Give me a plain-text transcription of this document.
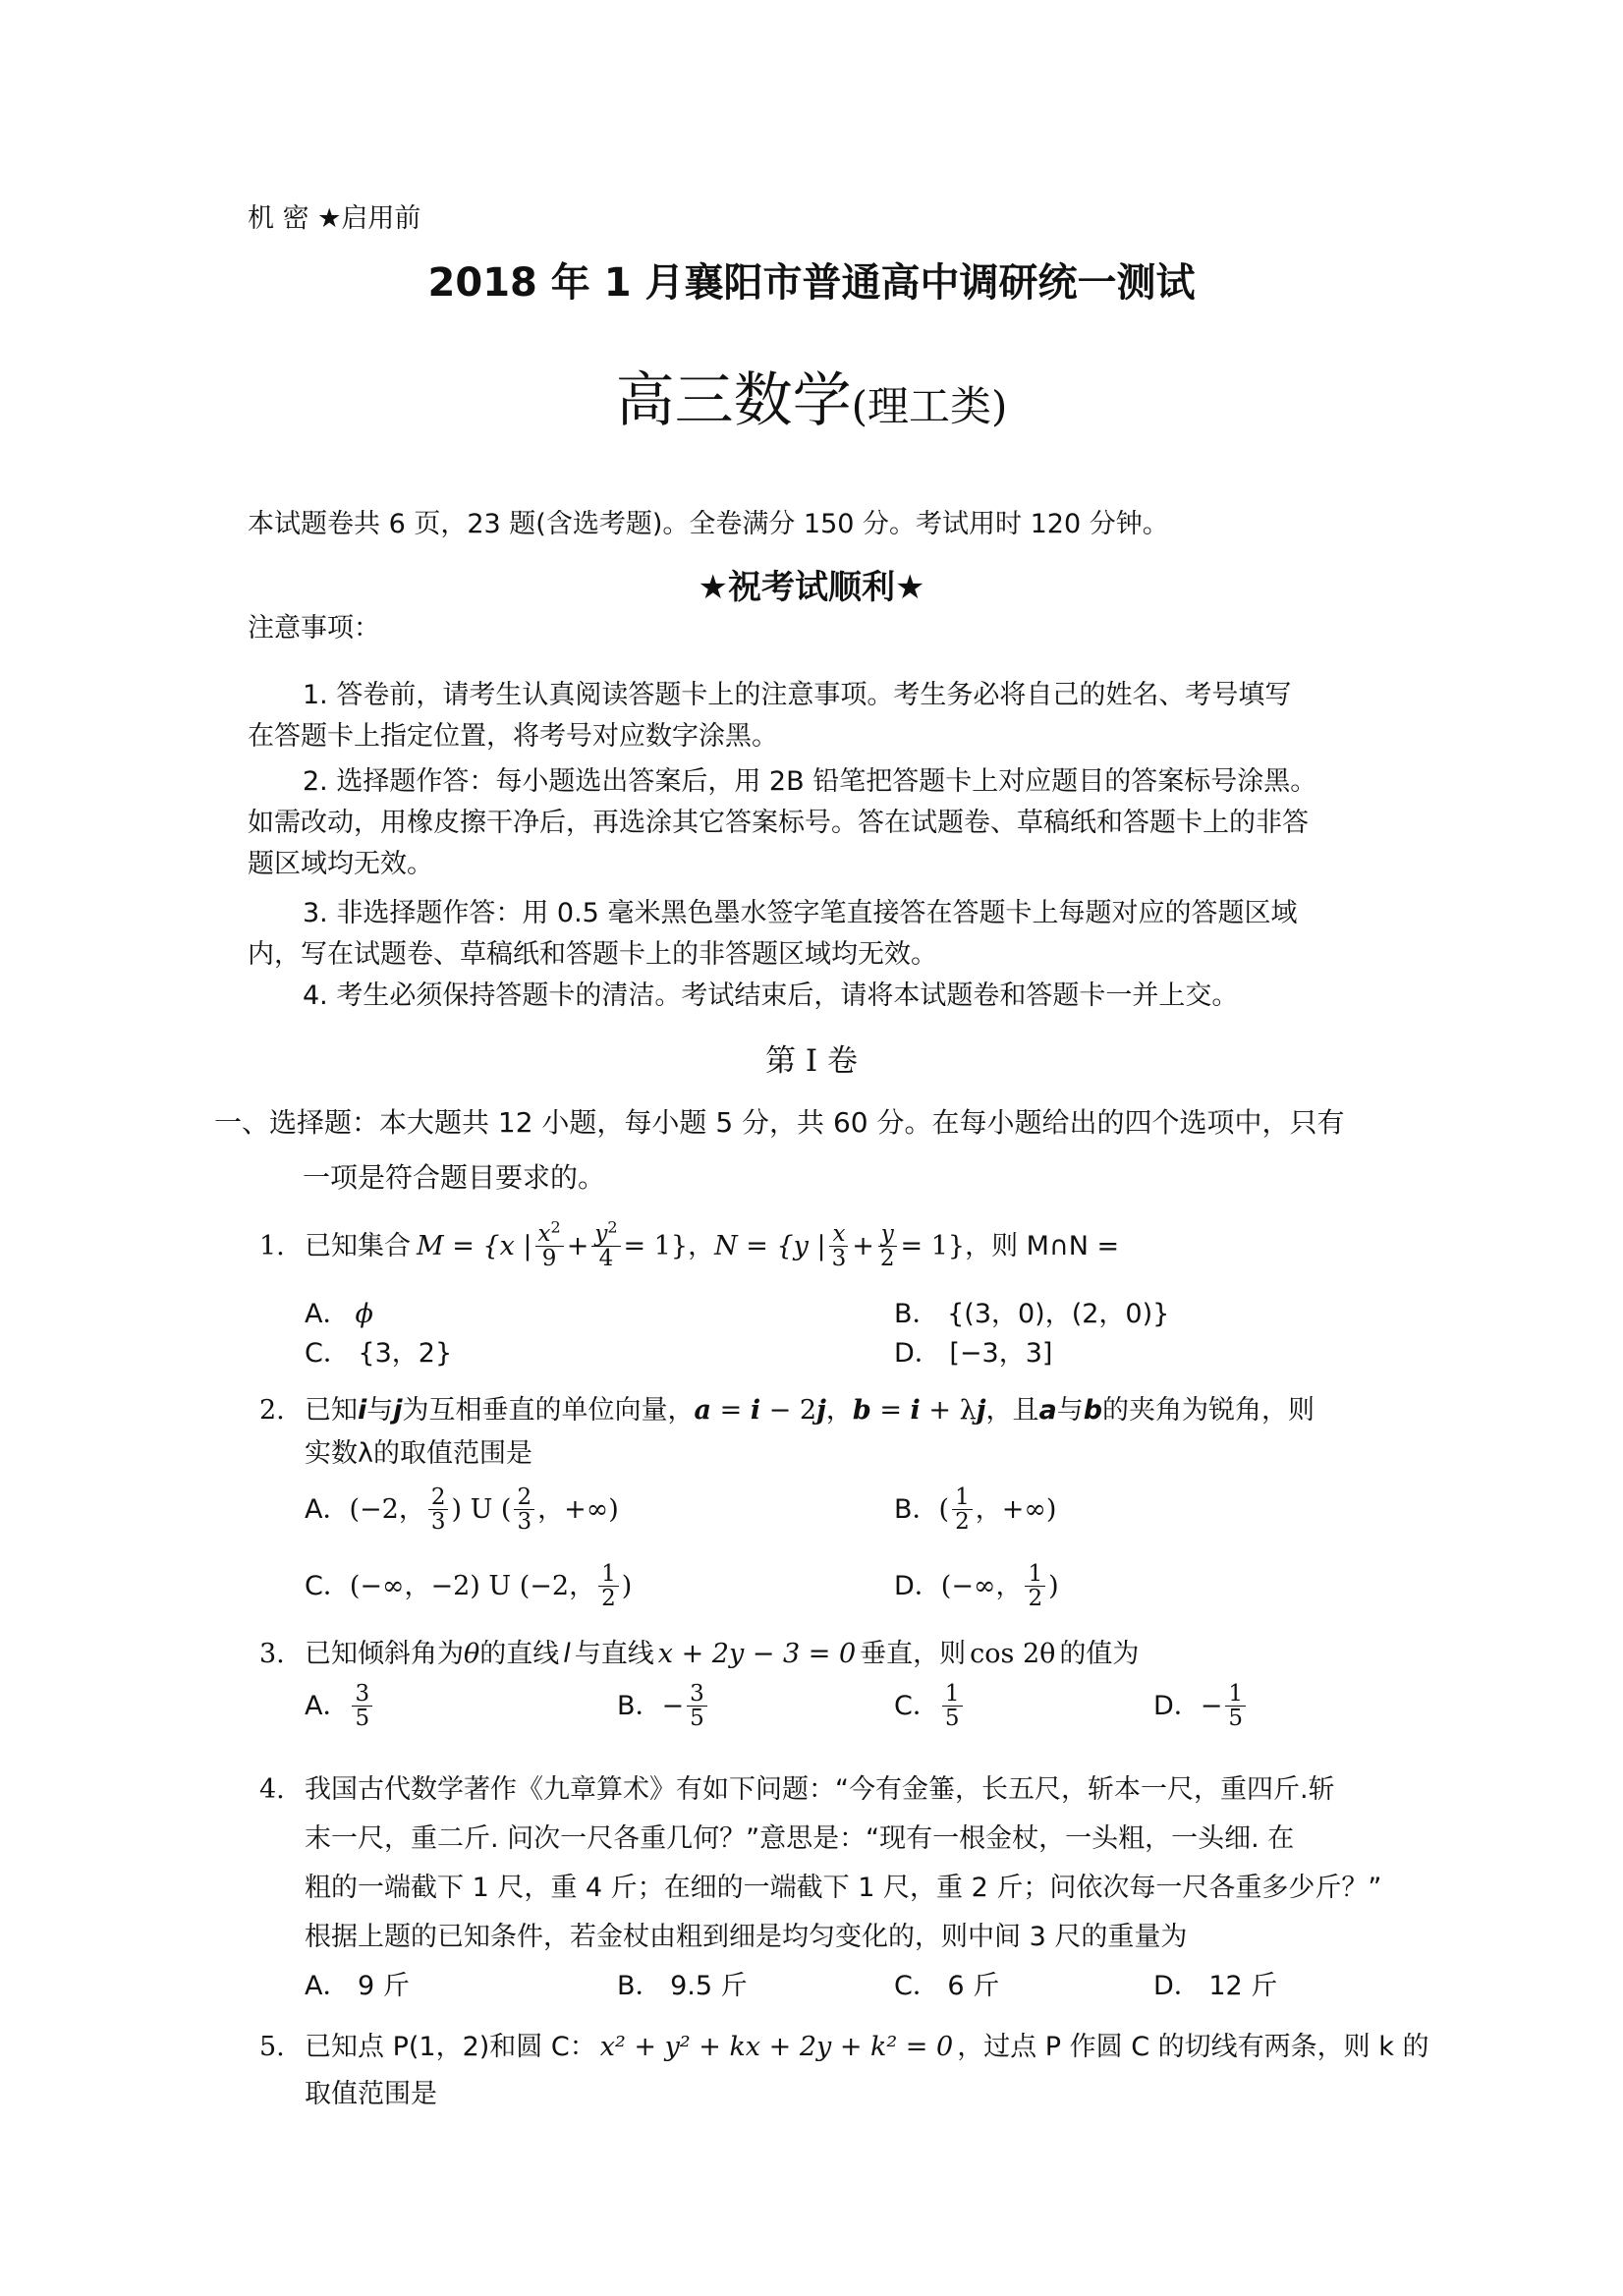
机 密 ★启用前
2018 年 1 月襄阳市普通高中调研统一测试
高三数学(理工类)
本试题卷共 6 页，23 题(含选考题)。全卷满分 150 分。考试用时 120 分钟。
★祝考试顺利★
注意事项：
1. 答卷前，请考生认真阅读答题卡上的注意事项。考生务必将自己的姓名、考号填写
在答题卡上指定位置，将考号对应数字涂黑。
2. 选择题作答：每小题选出答案后，用 2B 铅笔把答题卡上对应题目的答案标号涂黑。
如需改动，用橡皮擦干净后，再选涂其它答案标号。答在试题卷、草稿纸和答题卡上的非答
题区域均无效。
3. 非选择题作答：用 0.5 毫米黑色墨水签字笔直接答在答题卡上每题对应的答题区域
内，写在试题卷、草稿纸和答题卡上的非答题区域均无效。
4. 考生必须保持答题卡的清洁。考试结束后，请将本试题卷和答题卡一并上交。
第 I 卷
一、选择题：本大题共 12 小题，每小题 5 分，共 60 分。在每小题给出的四个选项中，只有
一项是符合题目要求的。
1. 已知集合 M = {x | $\frac{x^2}{9} + \frac{y^2}{4} = 1$} ， N = {y | $\frac{x}{3} + \frac{y}{2} = 1$} ，则 M∩N =
A． ϕ	B． {(3，0)，(2，0)}
C． {3，2}	D． [−3，3]
2. 已知i与j为互相垂直的单位向量，a = i − 2j，b = i + λj，且a与b的夹角为锐角，则
实数λ的取值范围是
A． (−2， $\frac{2}{3}$ ) U ( $\frac{2}{3}$ ，+∞)	B． ( $\frac{1}{2}$ ，+∞)
C． (−∞，−2) U (−2， $\frac{1}{2}$ )	D． (−∞， $\frac{1}{2}$ )
3. 已知倾斜角为θ的直线 l 与直线 x + 2y − 3 = 0 垂直，则 cos 2θ 的值为
A． $\frac{3}{5}$	B． − $\frac{3}{5}$	C． $\frac{1}{5}$	D． − $\frac{1}{5}$
4. 我国古代数学著作《九章算术》有如下问题：“今有金箠，长五尺，斩本一尺，重四斤.斩
末一尺，重二斤. 问次一尺各重几何？”意思是：“现有一根金杖，一头粗，一头细. 在
粗的一端截下 1 尺，重 4 斤；在细的一端截下 1 尺，重 2 斤；问依次每一尺各重多少斤？”
根据上题的已知条件，若金杖由粗到细是均匀变化的，则中间 3 尺的重量为
A． 9 斤	B． 9.5 斤	C． 6 斤	D． 12 斤
5. 已知点 P(1，2)和圆 C： x² + y² + kx + 2y + k² = 0 ，过点 P 作圆 C 的切线有两条，则 k 的
取值范围是
